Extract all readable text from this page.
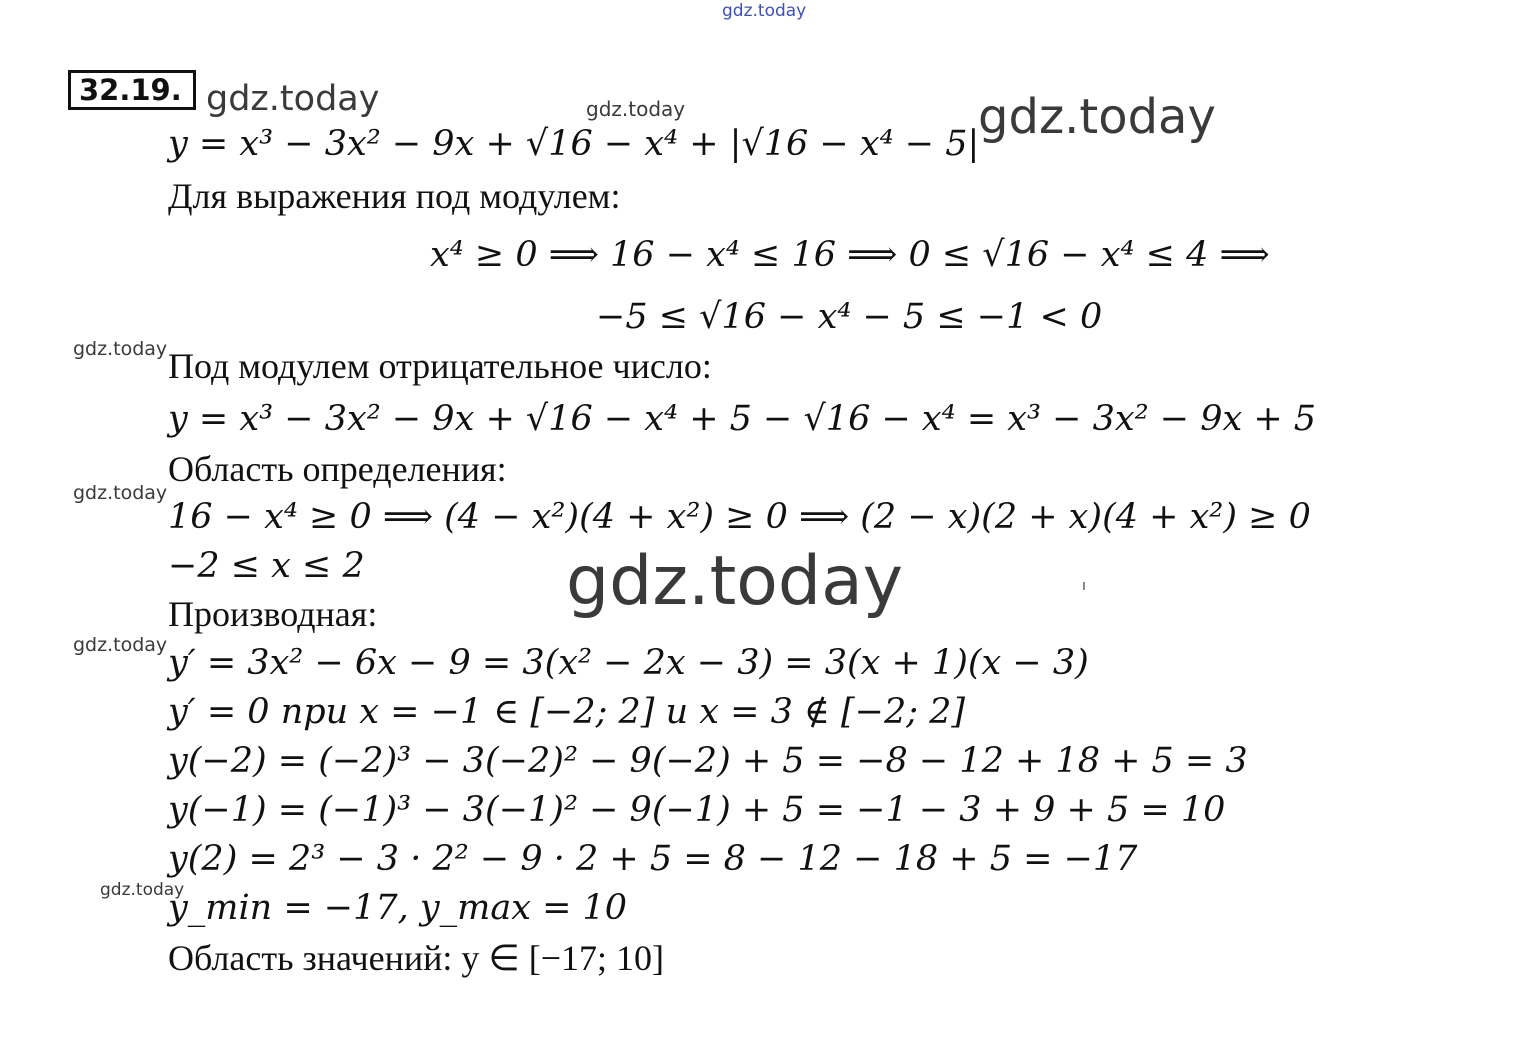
gdz.today
gdz.today	gdz.today	gdz.today
gdz.today
gdz.today
gdz.today
gdz.today
gdz.today
32.19.
y = x³ − 3x² − 9x + √16 − x⁴ + |√16 − x⁴ − 5|
Для выражения под модулем:
x⁴ ≥ 0 ⟹ 16 − x⁴ ≤ 16 ⟹ 0 ≤ √16 − x⁴ ≤ 4 ⟹
−5 ≤ √16 − x⁴ − 5 ≤ −1 < 0
Под модулем отрицательное число:
y = x³ − 3x² − 9x + √16 − x⁴ + 5 − √16 − x⁴ = x³ − 3x² − 9x + 5
Область определения:
16 − x⁴ ≥ 0 ⟹ (4 − x²)(4 + x²) ≥ 0 ⟹ (2 − x)(2 + x)(4 + x²) ≥ 0
−2 ≤ x ≤ 2
Производная:
y′ = 3x² − 6x − 9 = 3(x² − 2x − 3) = 3(x + 1)(x − 3)
y′ = 0 при x = −1 ∈ [−2; 2] и x = 3 ∉ [−2; 2]
y(−2) = (−2)³ − 3(−2)² − 9(−2) + 5 = −8 − 12 + 18 + 5 = 3
y(−1) = (−1)³ − 3(−1)² − 9(−1) + 5 = −1 − 3 + 9 + 5 = 10
y(2) = 2³ − 3 · 2² − 9 · 2 + 5 = 8 − 12 − 18 + 5 = −17
y_min = −17, y_max = 10
Область значений: y ∈ [−17; 10]
ı
